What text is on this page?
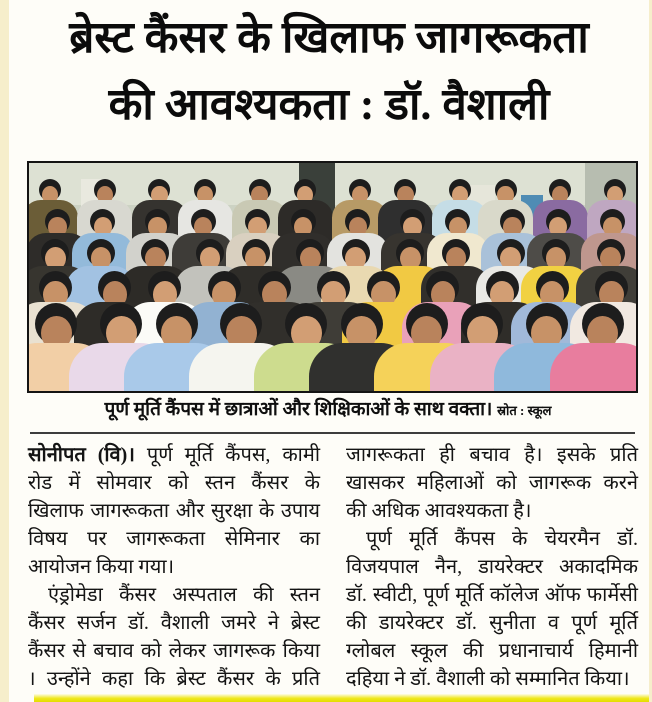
ब्रेस्ट कैंसर के खिलाफ जागरूकता
की आवश्यकता : डॉ. वैशाली
पूर्ण मूर्ति कैंपस में छात्राओं और शिक्षिकाओं के साथ वक्ता। स्रोत : स्कूल
सोनीपत (वि)। पूर्ण मूर्ति कैंपस, कामी
रोड में सोमवार को स्तन कैंसर के
खिलाफ जागरूकता और सुरक्षा के उपाय
विषय पर जागरूकता सेमिनार का
आयोजन किया गया।
एंड्रोमेडा कैंसर अस्पताल की स्तन
कैंसर सर्जन डॉ. वैशाली जमरे ने ब्रेस्ट
कैंसर से बचाव को लेकर जागरूक किया
। उन्होंने कहा कि ब्रेस्ट कैंसर के प्रति
जागरूकता ही बचाव है। इसके प्रति
खासकर महिलाओं को जागरूक करने
की अधिक आवश्यकता है।
पूर्ण मूर्ति कैंपस के चेयरमैन डॉ.
विजयपाल नैन, डायरेक्टर अकादमिक
डॉ. स्वीटी, पूर्ण मूर्ति कॉलेज ऑफ फार्मेसी
की डायरेक्टर डॉ. सुनीता व पूर्ण मूर्ति
ग्लोबल स्कूल की प्रधानाचार्य हिमानी
दहिया ने डॉ. वैशाली को सम्मानित किया।
